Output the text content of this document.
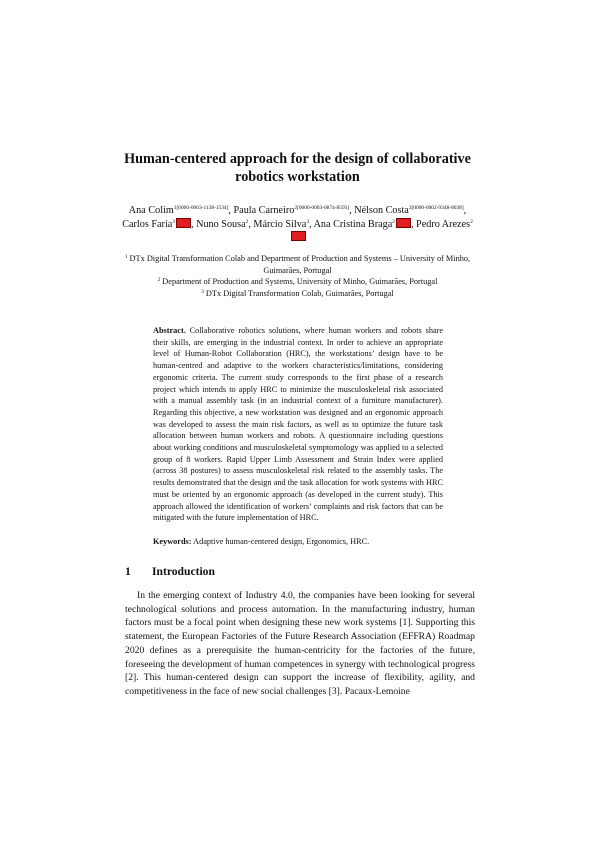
Human-centered approach for the design of collaborative robotics workstation
Ana Colim$^{1[0000-0003-1138-1534]}$, Paula Carneiro$^{2[0000-0003-0874-8593]}$, Nélson Costa$^{2[0000-0002-9348-8038]}$, Carlos Faria$^3$ , Nuno Sousa$^2$, Márcio Silva$^3$, Ana Cristina Braga$^2$ , Pedro Arezes$^2$
$^1$ DTx Digital Transformation Colab and Department of Production and Systems – University of Minho, Guimarães, Portugal
$^2$ Department of Production and Systems, University of Minho, Guimarães, Portugal
$^3$ DTx Digital Transformation Colab, Guimarães, Portugal
Abstract. Collaborative robotics solutions, where human workers and robots share their skills, are emerging in the industrial context. In order to achieve an appropriate level of Human-Robot Collaboration (HRC), the workstations’ design have to be human-centred and adaptive to the workers characteristics/limitations, considering ergonomic criteria. The current study corresponds to the first phase of a research project which intends to apply HRC to minimize the musculoskeletal risk associated with a manual assembly task (in an industrial context of a furniture manufacturer). Regarding this objective, a new workstation was designed and an ergonomic approach was developed to assess the main risk factors, as well as to optimize the future task allocation between human workers and robots. A questionnaire including questions about working conditions and musculoskeletal symptomology was applied to a selected group of 8 workers. Rapid Upper Limb Assessment and Strain Index were applied (across 38 postures) to assess musculoskeletal risk related to the assembly tasks. The results demonstrated that the design and the task allocation for work systems with HRC must be oriented by an ergonomic approach (as developed in the current study). This approach allowed the identification of workers’ complaints and risk factors that can be mitigated with the future implementation of HRC.
Keywords: Adaptive human-centered design, Ergonomics, HRC.
1 Introduction
In the emerging context of Industry 4.0, the companies have been looking for several technological solutions and process automation. In the manufacturing industry, human factors must be a focal point when designing these new work systems [1]. Supporting this statement, the European Factories of the Future Research Association (EFFRA) Roadmap 2020 defines as a prerequisite the human-centricity for the factories of the future, foreseeing the development of human competences in synergy with technological progress [2]. This human-centered design can support the increase of flexibility, agility, and competitiveness in the face of new social challenges [3]. Pacaux-Lemoine
